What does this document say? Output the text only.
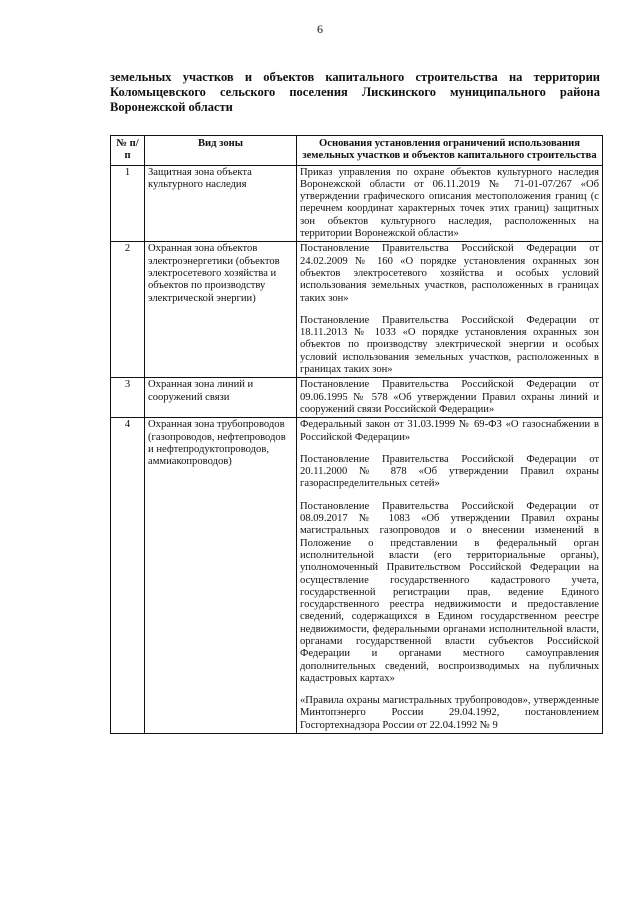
6
земельных участков и объектов капитального строительства на территории Коломыцевского сельского поселения Лискинского муниципального района Воронежской области
№ п/п	Вид зоны	Основания установления ограничений использования земельных участков и объектов капитального строительства
1	Защитная зона объекта культурного наследия	Приказ управления по охране объектов культурного наследия Воронежской области от 06.11.2019 № 71-01-07/267 «Об утверждении графического описания местоположения границ (с перечнем координат характерных точек этих границ) защитных зон объектов культурного наследия, расположенных на территории Воронежской области»

2	Охранная зона объектов электроэнергетики (объектов электросетевого хозяйства и объектов по производству электрической энергии)	Постановление Правительства Российской Федерации от 24.02.2009 № 160 «О порядке установления охранных зон объектов электросетевого хозяйства и особых условий использования земельных участков, расположенных в границах таких зон»

Постановление Правительства Российской Федерации от 18.11.2013 № 1033 «О порядке установления охранных зон объектов по производству электрической энергии и особых условий использования земельных участков, расположенных в границах таких зон»

3	Охранная зона линий и сооружений связи	Постановление Правительства Российской Федерации от 09.06.1995 № 578 «Об утверждении Правил охраны линий и сооружений связи Российской Федерации»

4	Охранная зона трубопроводов (газопроводов, нефтепроводов и нефтепродуктопроводов, аммиакопроводов)	Федеральный закон от 31.03.1999 № 69-ФЗ «О газоснабжении в Российской Федерации»

Постановление Правительства Российской Федерации от 20.11.2000 № 878 «Об утверждении Правил охраны газораспределительных сетей»

Постановление Правительства Российской Федерации от 08.09.2017 № 1083 «Об утверждении Правил охраны магистральных газопроводов и о внесении изменений в Положение о представлении в федеральный орган исполнительной власти (его территориальные органы), уполномоченный Правительством Российской Федерации на осуществление государственного кадастрового учета, государственной регистрации прав, ведение Единого государственного реестра недвижимости и предоставление сведений, содержащихся в Едином государственном реестре недвижимости, федеральными органами исполнительной власти, органами государственной власти субъектов Российской Федерации и органами местного самоуправления дополнительных сведений, воспроизводимых на публичных кадастровых картах»

«Правила охраны магистральных трубопроводов», утвержденные Минтопэнерго России 29.04.1992, постановлением Госгортехнадзора России от 22.04.1992 № 9
